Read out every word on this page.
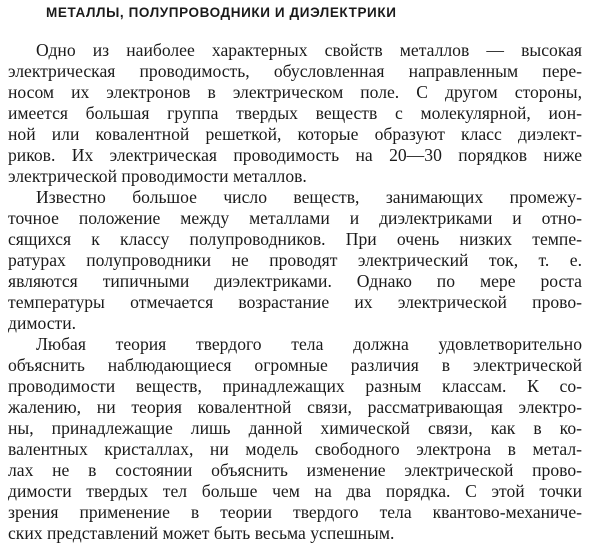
МЕТАЛЛЫ, ПОЛУПРОВОДНИКИ И ДИЭЛЕКТРИКИ
Одно из наиболее характерных свойств металлов — высокая
электрическая проводимость, обусловленная направленным пере-
носом их электронов в электрическом поле. С другом стороны,
имеется большая группа твердых веществ с молекулярной, ион-
ной или ковалентной решеткой, которые образуют класс диэлект-
риков. Их электрическая проводимость на 20—30 порядков ниже
электрической проводимости металлов.
Известно большое число веществ, занимающих промежу-
точное положение между металлами и диэлектриками и отно-
сящихся к классу полупроводников. При очень низких темпе-
ратурах полупроводники не проводят электрический ток, т. е.
являются типичными диэлектриками. Однако по мере роста
температуры отмечается возрастание их электрической прово-
димости.
Любая теория твердого тела должна удовлетворительно
объяснить наблюдающиеся огромные различия в электрической
проводимости веществ, принадлежащих разным классам. К со-
жалению, ни теория ковалентной связи, рассматривающая электро-
ны, принадлежащие лишь данной химической связи, как в ко-
валентных кристаллах, ни модель свободного электрона в метал-
лах не в состоянии объяснить изменение электрической прово-
димости твердых тел больше чем на два порядка. С этой точки
зрения применение в теории твердого тела квантово-механиче-
ских представлений может быть весьма успешным.
